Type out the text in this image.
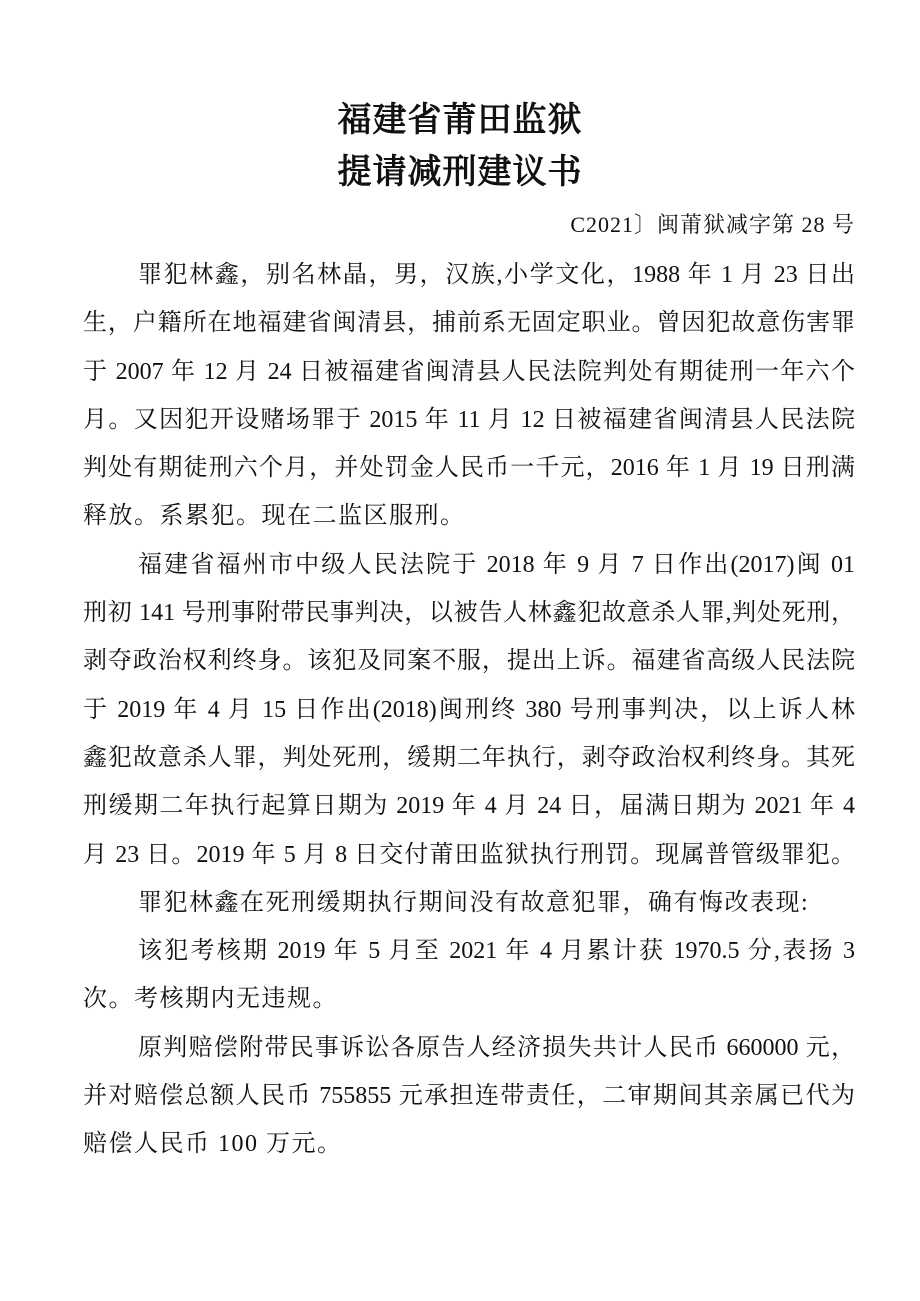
福建省莆田监狱
提请减刑建议书
C2021〕闽莆狱减字第 28 号
罪犯林鑫，别名林晶，男，汉族,小学文化，1988 年 1 月 23 日出
生，户籍所在地福建省闽清县，捕前系无固定职业。曾因犯故意伤害罪
于 2007 年 12 月 24 日被福建省闽清县人民法院判处有期徒刑一年六个
月。又因犯开设赌场罪于 2015 年 11 月 12 日被福建省闽清县人民法院
判处有期徒刑六个月，并处罚金人民币一千元，2016 年 1 月 19 日刑满
释放。系累犯。现在二监区服刑。
福建省福州市中级人民法院于 2018 年 9 月 7 日作出(2017)闽 01
刑初 141 号刑事附带民事判决，以被告人林鑫犯故意杀人罪,判处死刑，
剥夺政治权利终身。该犯及同案不服，提出上诉。福建省高级人民法院
于 2019 年 4 月 15 日作出(2018)闽刑终 380 号刑事判决，以上诉人林
鑫犯故意杀人罪，判处死刑，缓期二年执行，剥夺政治权利终身。其死
刑缓期二年执行起算日期为 2019 年 4 月 24 日，届满日期为 2021 年 4
月 23 日。2019 年 5 月 8 日交付莆田监狱执行刑罚。现属普管级罪犯。
罪犯林鑫在死刑缓期执行期间没有故意犯罪，确有悔改表现:
该犯考核期 2019 年 5 月至 2021 年 4 月累计获 1970.5 分,表扬 3
次。考核期内无违规。
原判赔偿附带民事诉讼各原告人经济损失共计人民币 660000 元，
并对赔偿总额人民币 755855 元承担连带责任，二审期间其亲属已代为
赔偿人民币 100 万元。
